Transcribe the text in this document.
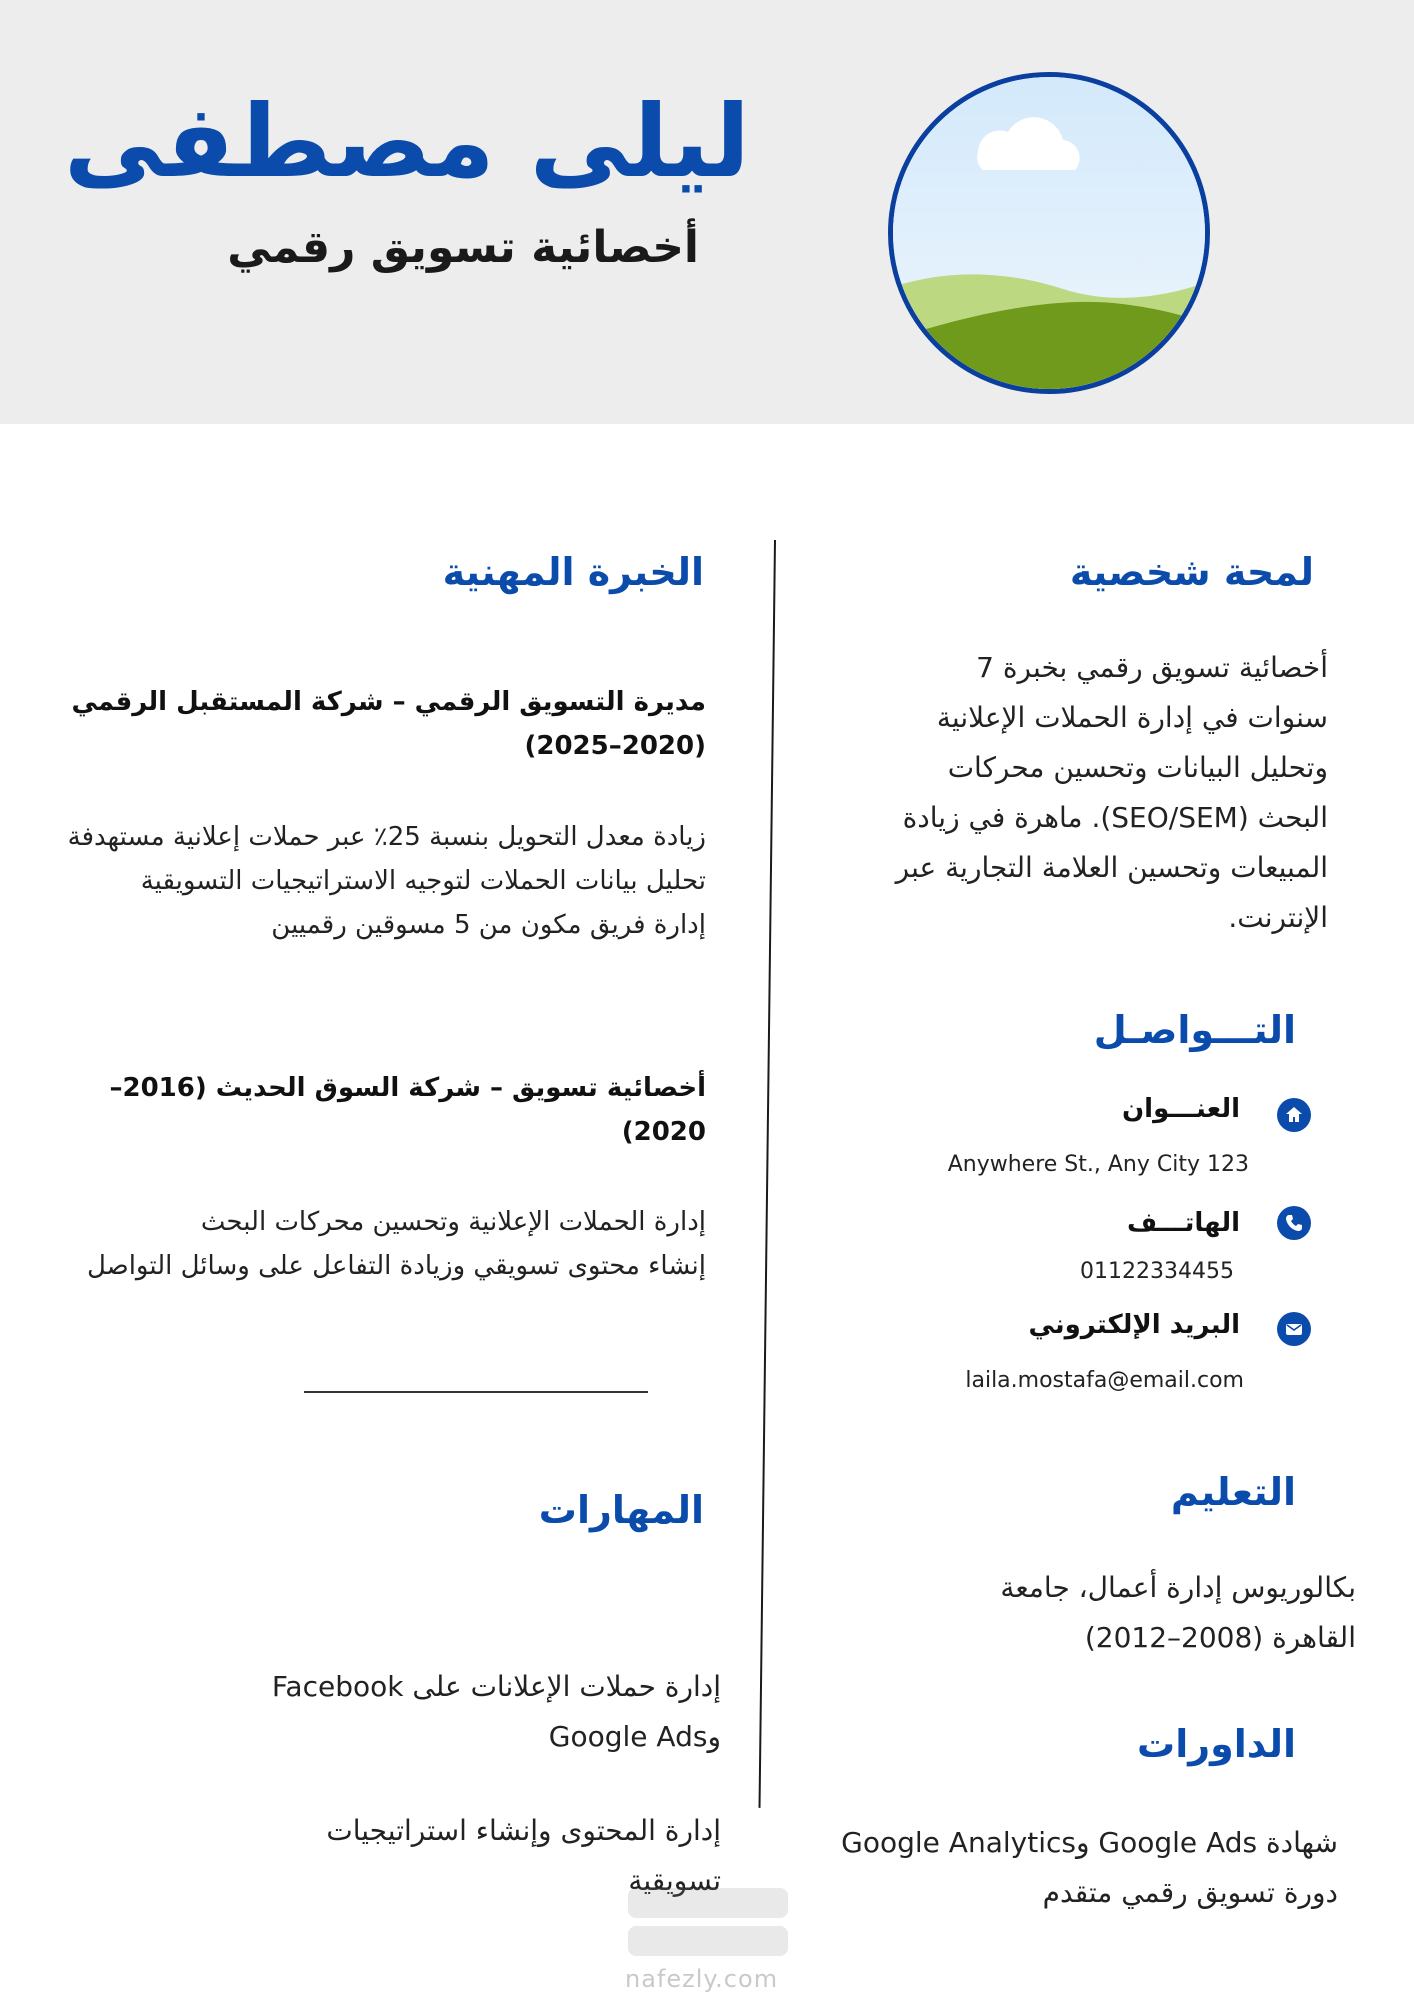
ليلى مصطفى
أخصائية تسويق رقمي
لمحة شخصية
أخصائية تسويق رقمي بخبرة 7
سنوات في إدارة الحملات الإعلانية
وتحليل البيانات وتحسين محركات
البحث (SEO/SEM). ماهرة في زيادة
المبيعات وتحسين العلامة التجارية عبر
الإنترنت.
التـــواصـل
العنـــوان
Anywhere St., Any City 123
الهاتـــف
01122334455
البريد الإلكتروني
laila.mostafa@email.com
التعليم
بكالوريوس إدارة أعمال، جامعة
القاهرة (2008–2012)
الداورات
شهادة Google Ads وGoogle Analytics
دورة تسويق رقمي متقدم
الخبرة المهنية
مديرة التسويق الرقمي – شركة المستقبل الرقمي (2020–2025)
زيادة معدل التحويل بنسبة 25٪ عبر حملات إعلانية مستهدفة
تحليل بيانات الحملات لتوجيه الاستراتيجيات التسويقية
إدارة فريق مكون من 5 مسوقين رقميين
أخصائية تسويق – شركة السوق الحديث (2016–2020)
إدارة الحملات الإعلانية وتحسين محركات البحث
إنشاء محتوى تسويقي وزيادة التفاعل على وسائل التواصل
المهارات
إدارة حملات الإعلانات على Facebook وGoogle Ads
إدارة المحتوى وإنشاء استراتيجيات تسويقية
nafezly.com
